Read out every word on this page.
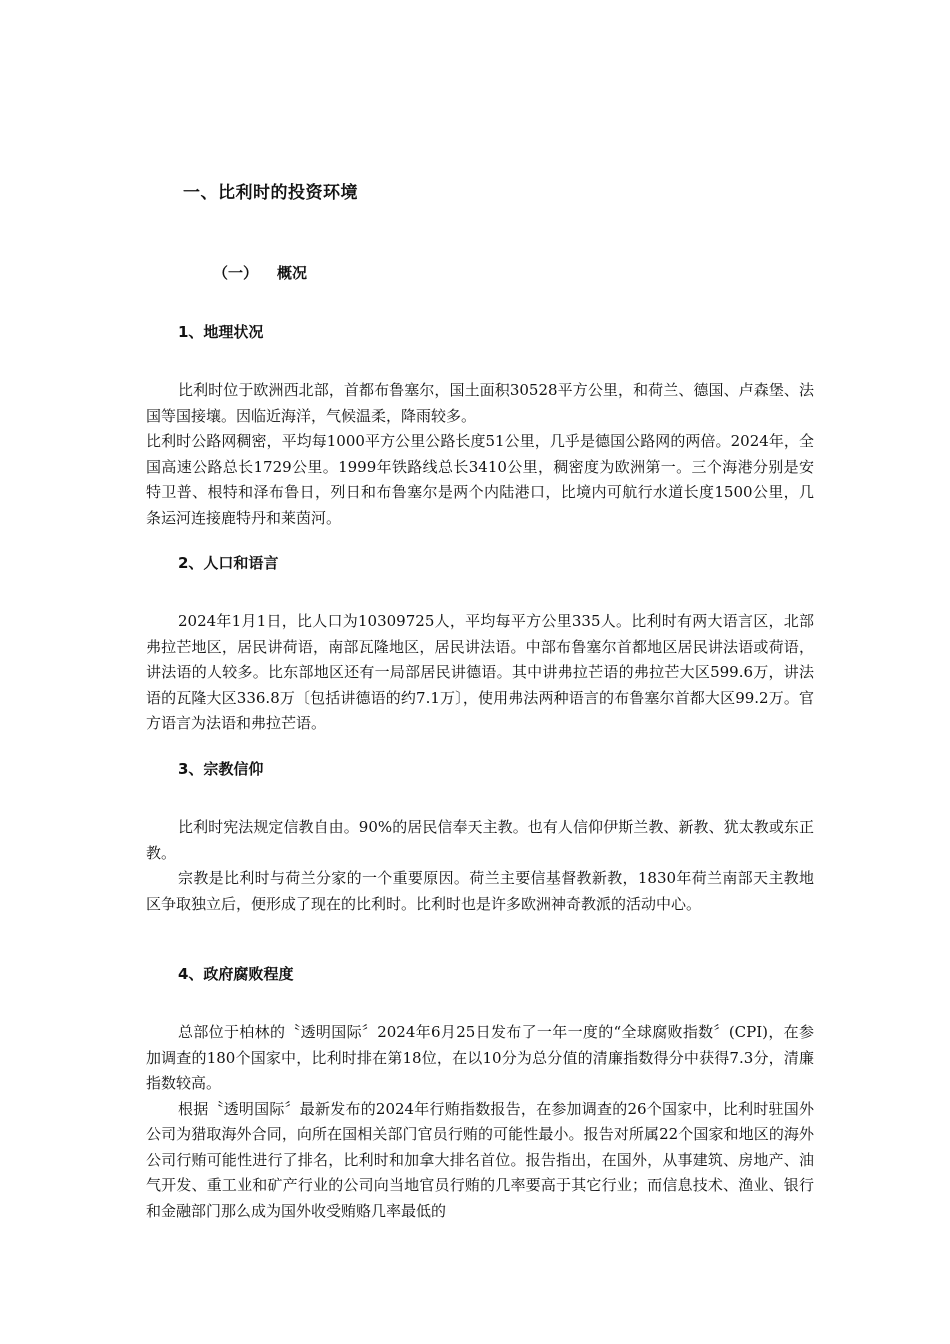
一、比利时的投资环境
（一） 概况
1、地理状况

比利时位于欧洲西北部，首都布鲁塞尔，国土面积30528平方公里，和荷兰、德国、卢森堡、法国等国接壤。因临近海洋，气候温柔，降雨较多。

比利时公路网稠密，平均每1000平方公里公路长度51公里，几乎是德国公路网的两倍。2024年，全国高速公路总长1729公里。1999年铁路线总长3410公里，稠密度为欧洲第一。三个海港分别是安特卫普、根特和泽布鲁日，列日和布鲁塞尔是两个内陆港口，比境内可航行水道长度1500公里，几条运河连接鹿特丹和莱茵河。

2、人口和语言

2024年1月1日，比人口为10309725人，平均每平方公里335人。比利时有两大语言区，北部弗拉芒地区，居民讲荷语，南部瓦隆地区，居民讲法语。中部布鲁塞尔首都地区居民讲法语或荷语，讲法语的人较多。比东部地区还有一局部居民讲德语。其中讲弗拉芒语的弗拉芒大区599.6万，讲法语的瓦隆大区336.8万〔包括讲德语的约7.1万〕，使用弗法两种语言的布鲁塞尔首都大区99.2万。官方语言为法语和弗拉芒语。

3、宗教信仰

比利时宪法规定信教自由。90%的居民信奉天主教。也有人信仰伊斯兰教、新教、犹太教或东正教。

宗教是比利时与荷兰分家的一个重要原因。荷兰主要信基督教新教，1830年荷兰南部天主教地区争取独立后，便形成了现在的比利时。比利时也是许多欧洲神奇教派的活动中心。

4、政府腐败程度

总部位于柏林的〝透明国际〞2024年6月25日发布了一年一度的“全球腐败指数〞(CPI)，在参加调查的180个国家中，比利时排在第18位，在以10分为总分值的清廉指数得分中获得7.3分，清廉指数较高。

根据〝透明国际〞最新发布的2024年行贿指数报告，在参加调查的26个国家中，比利时驻国外公司为猎取海外合同，向所在国相关部门官员行贿的可能性最小。报告对所属22个国家和地区的海外公司行贿可能性进行了排名，比利时和加拿大排名首位。报告指出，在国外，从事建筑、房地产、油气开发、重工业和矿产行业的公司向当地官员行贿的几率要高于其它行业；而信息技术、渔业、银行和金融部门那么成为国外收受贿赂几率最低的
